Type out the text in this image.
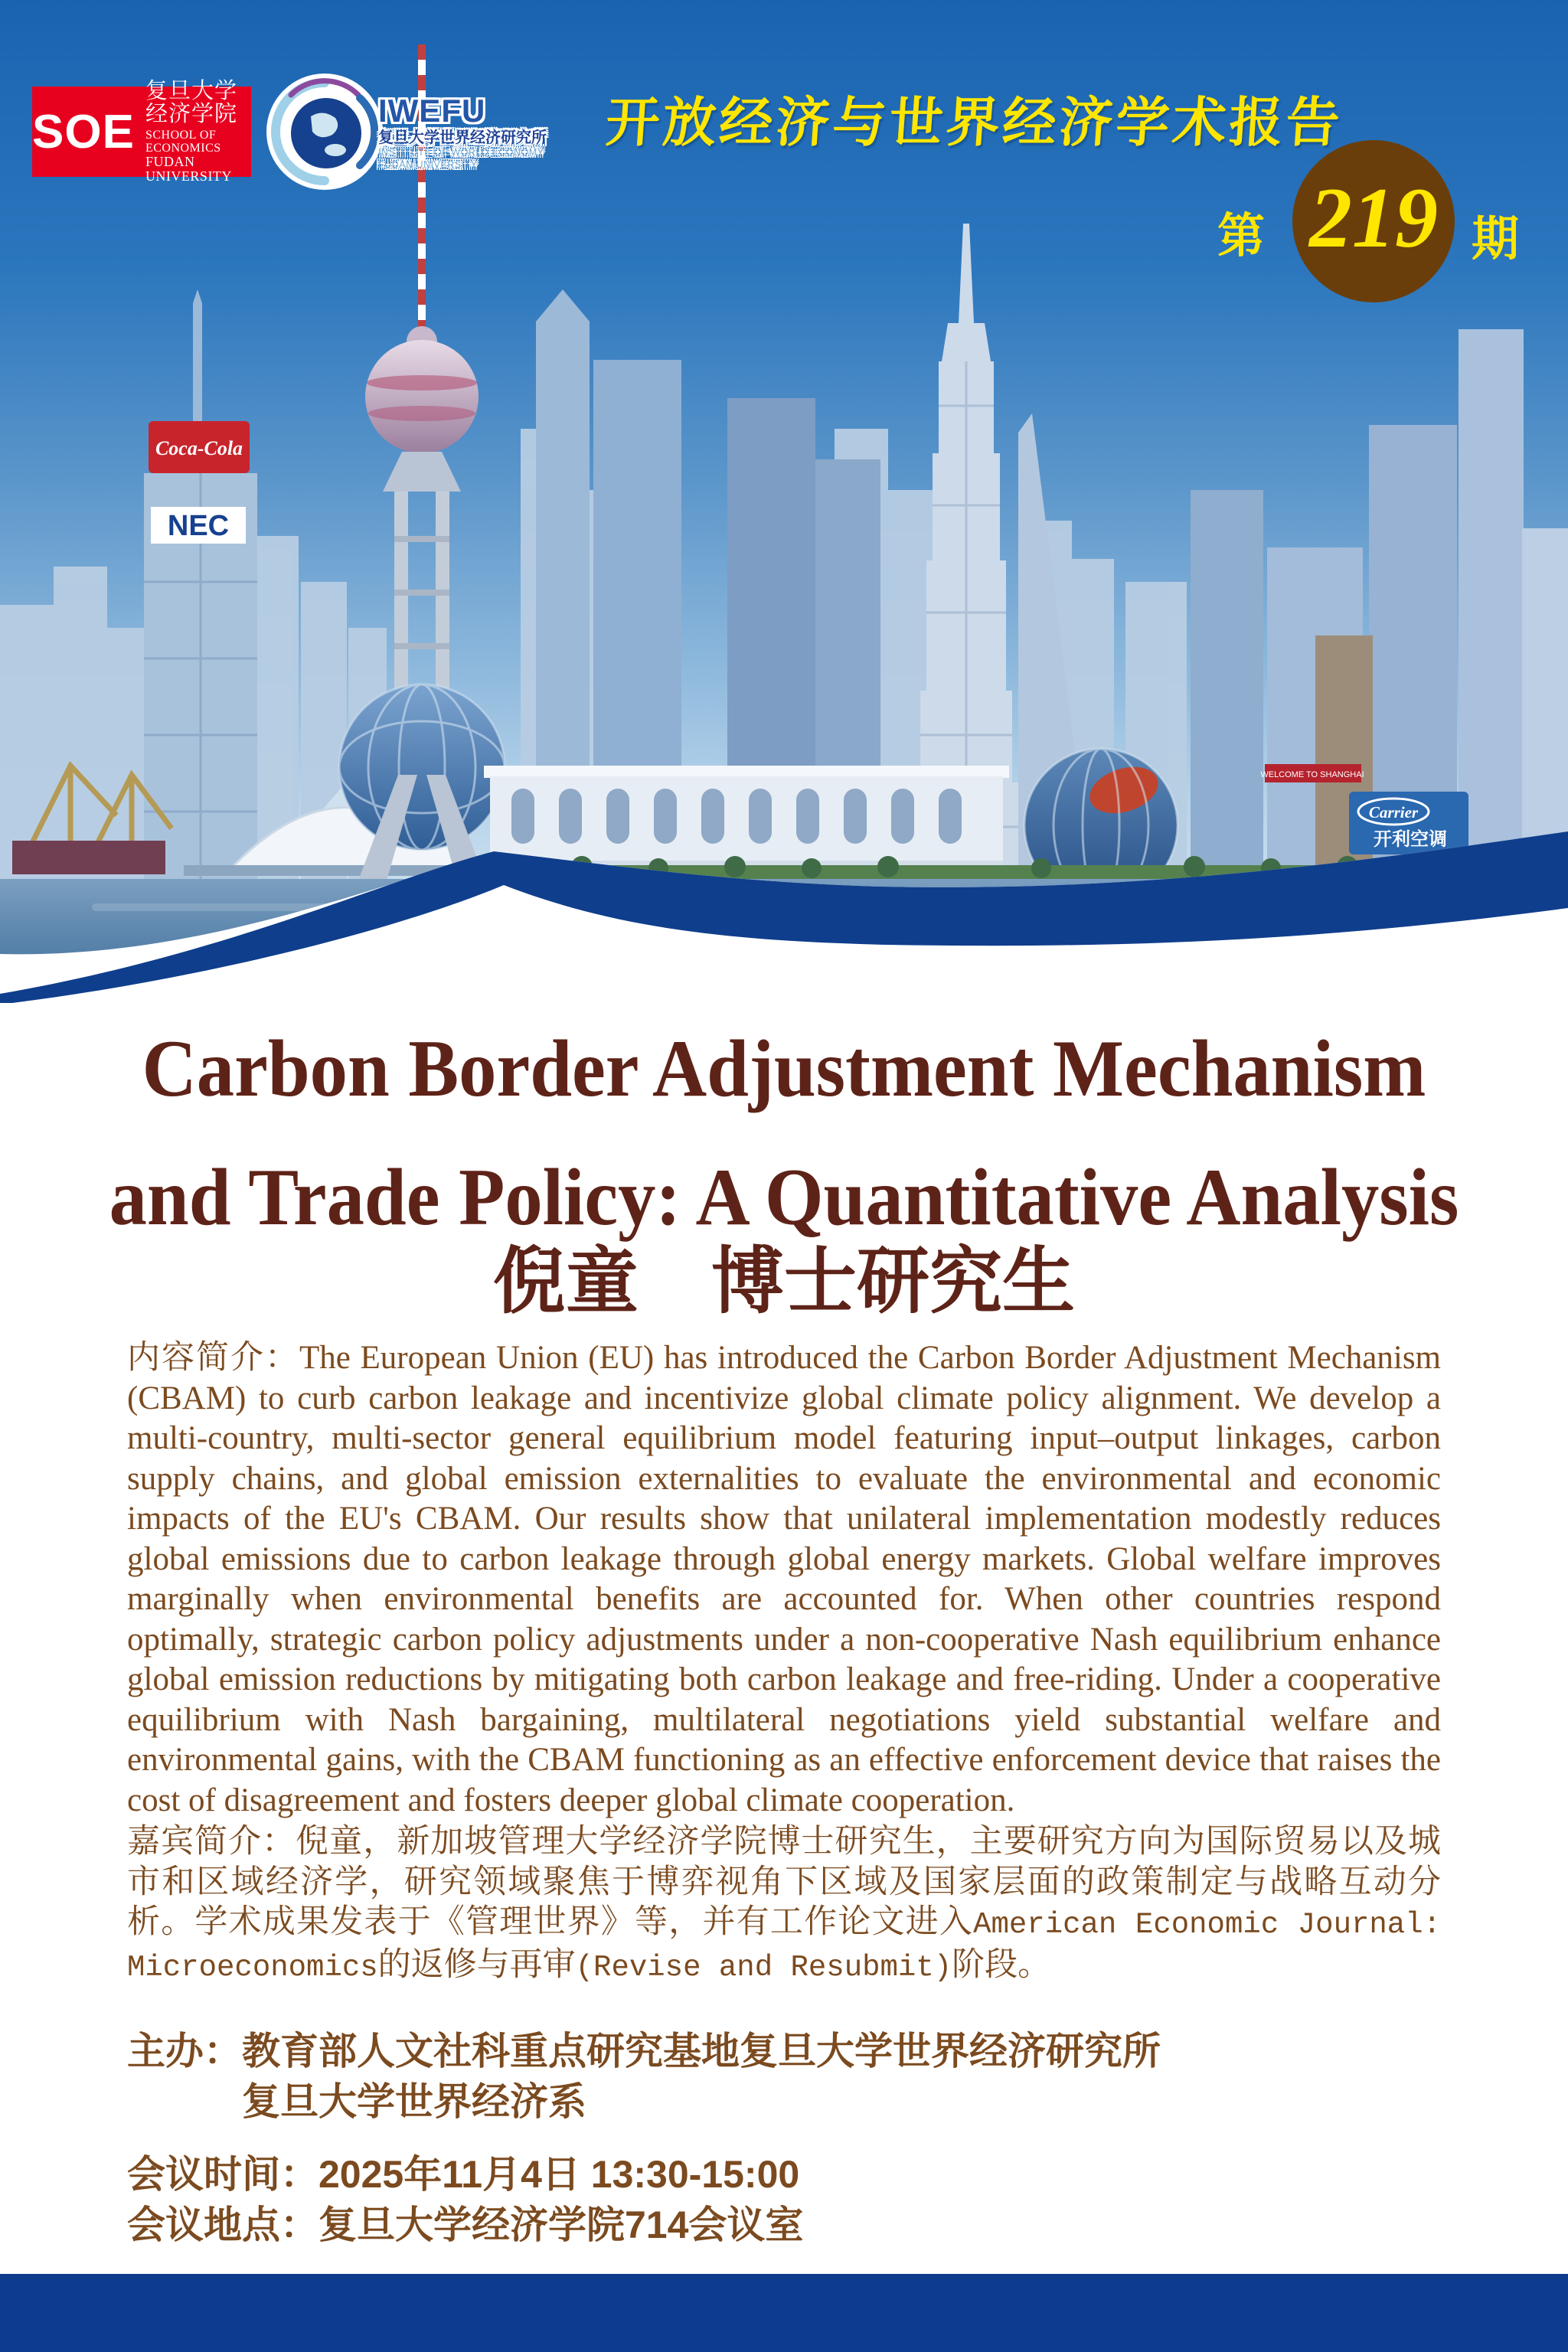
Coca-Cola
NEC
WELCOME TO SHANGHAI
Carrier
开利空调
SOE
复旦大学经济学院
SCHOOL OF ECONOMICS
FUDAN UNIVERSITY
IWEFU
复旦大学世界经济研究所
INSTITUTE OF WORLD ECONOMY
FUDAN UNIVERSITY
开放经济与世界经济学术报告
第 219 期
Carbon Border Adjustment Mechanism
and Trade Policy: A Quantitative Analysis
倪童 博士研究生

内容简介：The European Union (EU) has introduced the Carbon Border Adjustment Mechanism (CBAM) to curb carbon leakage and incentivize global climate policy alignment. We develop a multi-country, multi-sector general equilibrium model featuring input–output linkages, carbon supply chains, and global emission externalities to evaluate the environmental and economic impacts of the EU's CBAM. Our results show that unilateral implementation modestly reduces global emissions due to carbon leakage through global energy markets. Global welfare improves marginally when environmental benefits are accounted for. When other countries respond optimally, strategic carbon policy adjustments under a non-cooperative Nash equilibrium enhance global emission reductions by mitigating both carbon leakage and free-riding. Under a cooperative equilibrium with Nash bargaining, multilateral negotiations yield substantial welfare and environmental gains, with the CBAM functioning as an effective enforcement device that raises the cost of disagreement and fosters deeper global climate cooperation.

嘉宾简介：倪童，新加坡管理大学经济学院博士研究生，主要研究方向为国际贸易以及城市和区域经济学，研究领域聚焦于博弈视角下区域及国家层面的政策制定与战略互动分析。学术成果发表于《管理世界》等，并有工作论文进入American Economic Journal: Microeconomics的返修与再审(Revise and Resubmit)阶段。

主办： 教育部人文社科重点研究基地复旦大学世界经济研究所
复旦大学世界经济系
会议时间：2025年11月4日 13:30-15:00
会议地点：复旦大学经济学院714会议室
